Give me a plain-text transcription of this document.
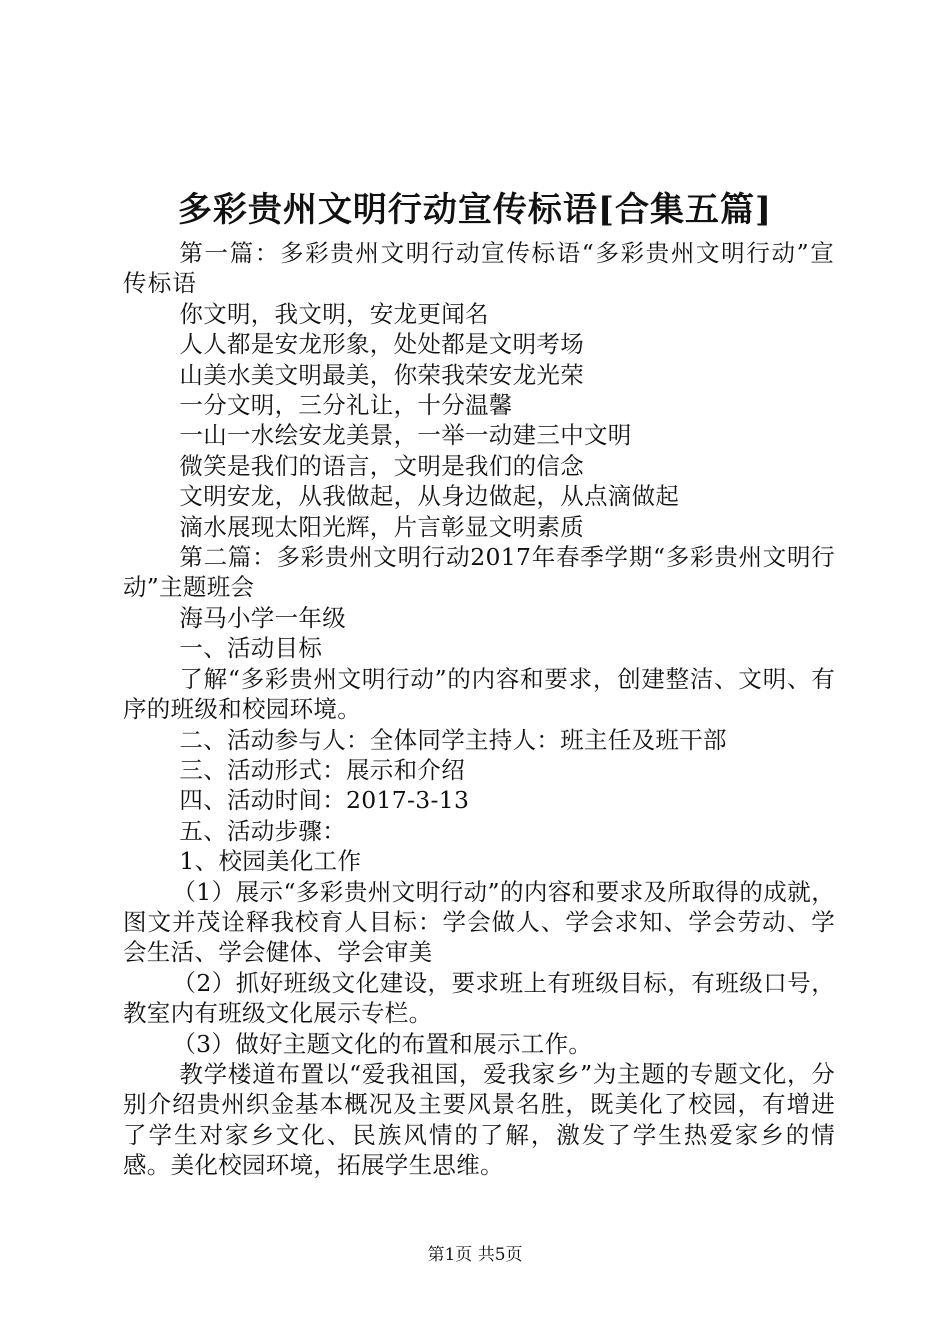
多彩贵州文明行动宣传标语[合集五篇]

第一篇：多彩贵州文明行动宣传标语“多彩贵州文明行动”宣传标语

你文明，我文明，安龙更闻名

人人都是安龙形象，处处都是文明考场

山美水美文明最美，你荣我荣安龙光荣

一分文明，三分礼让，十分温馨

一山一水绘安龙美景，一举一动建三中文明

微笑是我们的语言，文明是我们的信念

文明安龙，从我做起，从身边做起，从点滴做起

滴水展现太阳光辉，片言彰显文明素质

第二篇：多彩贵州文明行动2017年春季学期“多彩贵州文明行动”主题班会

海马小学一年级

一、活动目标

了解“多彩贵州文明行动”的内容和要求，创建整洁、文明、有序的班级和校园环境。

二、活动参与人：全体同学主持人：班主任及班干部

三、活动形式：展示和介绍

四、活动时间：2017-3-13

五、活动步骤：

1、校园美化工作

（1）展示“多彩贵州文明行动”的内容和要求及所取得的成就，图文并茂诠释我校育人目标：学会做人、学会求知、学会劳动、学会生活、学会健体、学会审美

（2）抓好班级文化建设，要求班上有班级目标，有班级口号，教室内有班级文化展示专栏。

（3）做好主题文化的布置和展示工作。

教学楼道布置以“爱我祖国，爱我家乡”为主题的专题文化，分别介绍贵州织金基本概况及主要风景名胜，既美化了校园，有增进了学生对家乡文化、民族风情的了解，激发了学生热爱家乡的情感。美化校园环境，拓展学生思维。

第1页 共5页
